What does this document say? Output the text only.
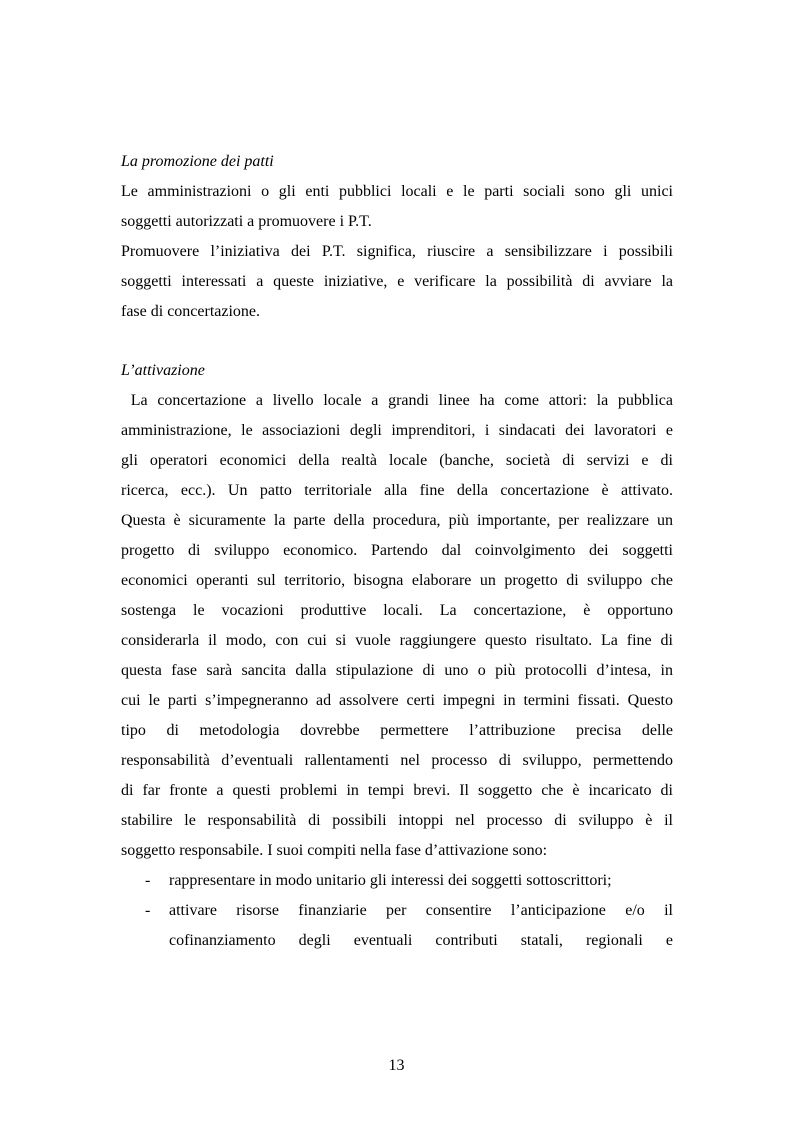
La promozione dei patti

Le amministrazioni o gli enti pubblici locali e le parti sociali sono gli unici

soggetti autorizzati a promuovere i P.T.

Promuovere l’iniziativa dei P.T. significa, riuscire a sensibilizzare i possibili

soggetti interessati a queste iniziative, e verificare la possibilità di avviare la

fase di concertazione.

L’attivazione

La concertazione a livello locale a grandi linee ha come attori: la pubblica

amministrazione, le associazioni degli imprenditori, i sindacati dei lavoratori e

gli operatori economici della realtà locale (banche, società di servizi e di

ricerca, ecc.). Un patto territoriale alla fine della concertazione è attivato.

Questa è sicuramente la parte della procedura, più importante, per realizzare un

progetto di sviluppo economico. Partendo dal coinvolgimento dei soggetti

economici operanti sul territorio, bisogna elaborare un progetto di sviluppo che

sostenga le vocazioni produttive locali. La concertazione, è opportuno

considerarla il modo, con cui si vuole raggiungere questo risultato. La fine di

questa fase sarà sancita dalla stipulazione di uno o più protocolli d’intesa, in

cui le parti s’impegneranno ad assolvere certi impegni in termini fissati. Questo

tipo di metodologia dovrebbe permettere l’attribuzione precisa delle

responsabilità d’eventuali rallentamenti nel processo di sviluppo, permettendo

di far fronte a questi problemi in tempi brevi. Il soggetto che è incaricato di

stabilire le responsabilità di possibili intoppi nel processo di sviluppo è il

soggetto responsabile. I suoi compiti nella fase d’attivazione sono:

- rappresentare in modo unitario gli interessi dei soggetti sottoscrittori;

- attivare risorse finanziarie per consentire l’anticipazione e/o il

cofinanziamento degli eventuali contributi statali, regionali e

13
